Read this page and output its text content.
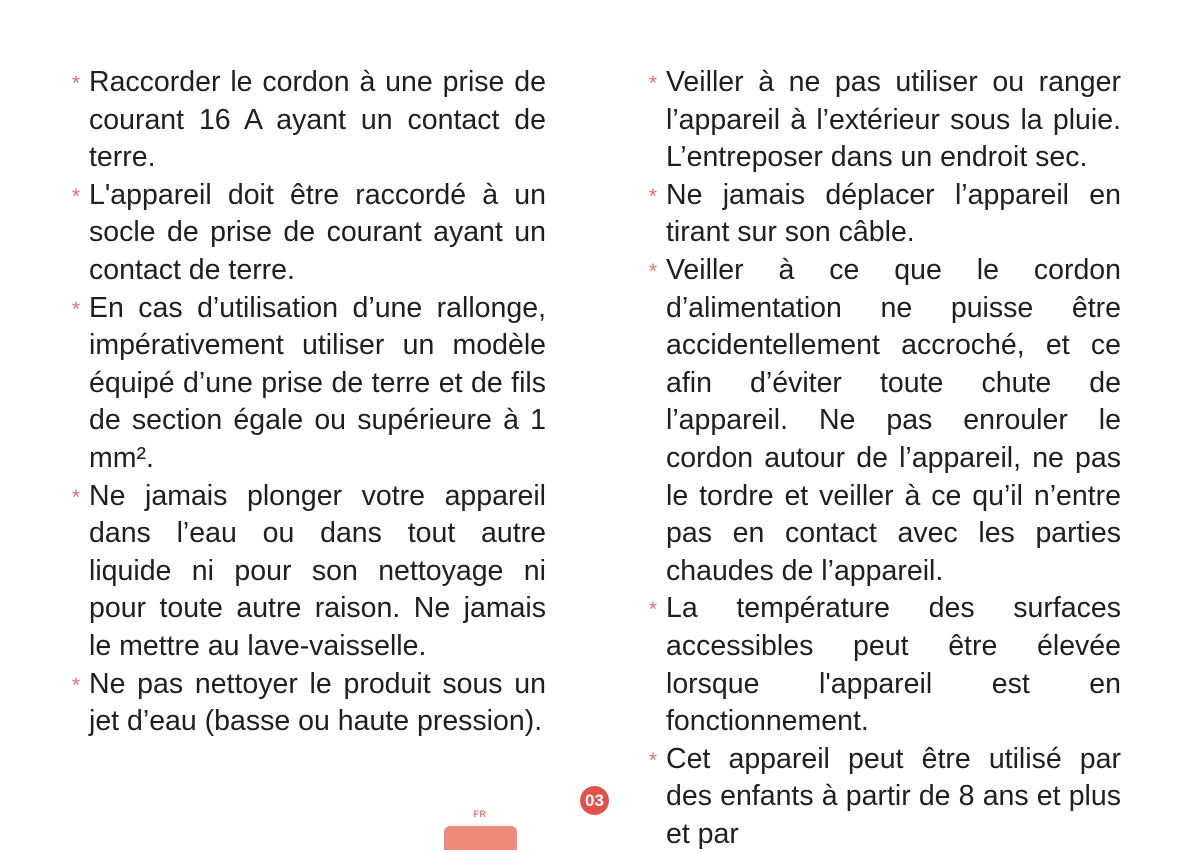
* Raccorder le cordon à une prise de courant 16 A ayant un contact de terre.
* L'appareil doit être raccordé à un socle de prise de courant ayant un contact de terre.
* En cas d’utilisation d’une rallonge, impérativement utiliser un modèle équipé d’une prise de terre et de fils de section égale ou supérieure à 1 mm².
* Ne jamais plonger votre appareil dans l’eau ou dans tout autre liquide ni pour son nettoyage ni pour toute autre raison. Ne jamais le mettre au lave-vaisselle.
* Ne pas nettoyer le produit sous un jet d’eau (basse ou haute pression).
* Veiller à ne pas utiliser ou ranger l’appareil à l’extérieur sous la pluie. L’entreposer dans un endroit sec.
* Ne jamais déplacer l’appareil en tirant sur son câble.
* Veiller à ce que le cordon d’alimentation ne puisse être accidentellement accroché, et ce afin d’éviter toute chute de l’appareil. Ne pas enrouler le cordon autour de l’appareil, ne pas le tordre et veiller à ce qu’il n’entre pas en contact avec les parties chaudes de l’appareil.
* La température des surfaces accessibles peut être élevée lorsque l'appareil est en fonctionnement.
* Cet appareil peut être utilisé par des enfants à partir de 8 ans et plus et par
03
FR
